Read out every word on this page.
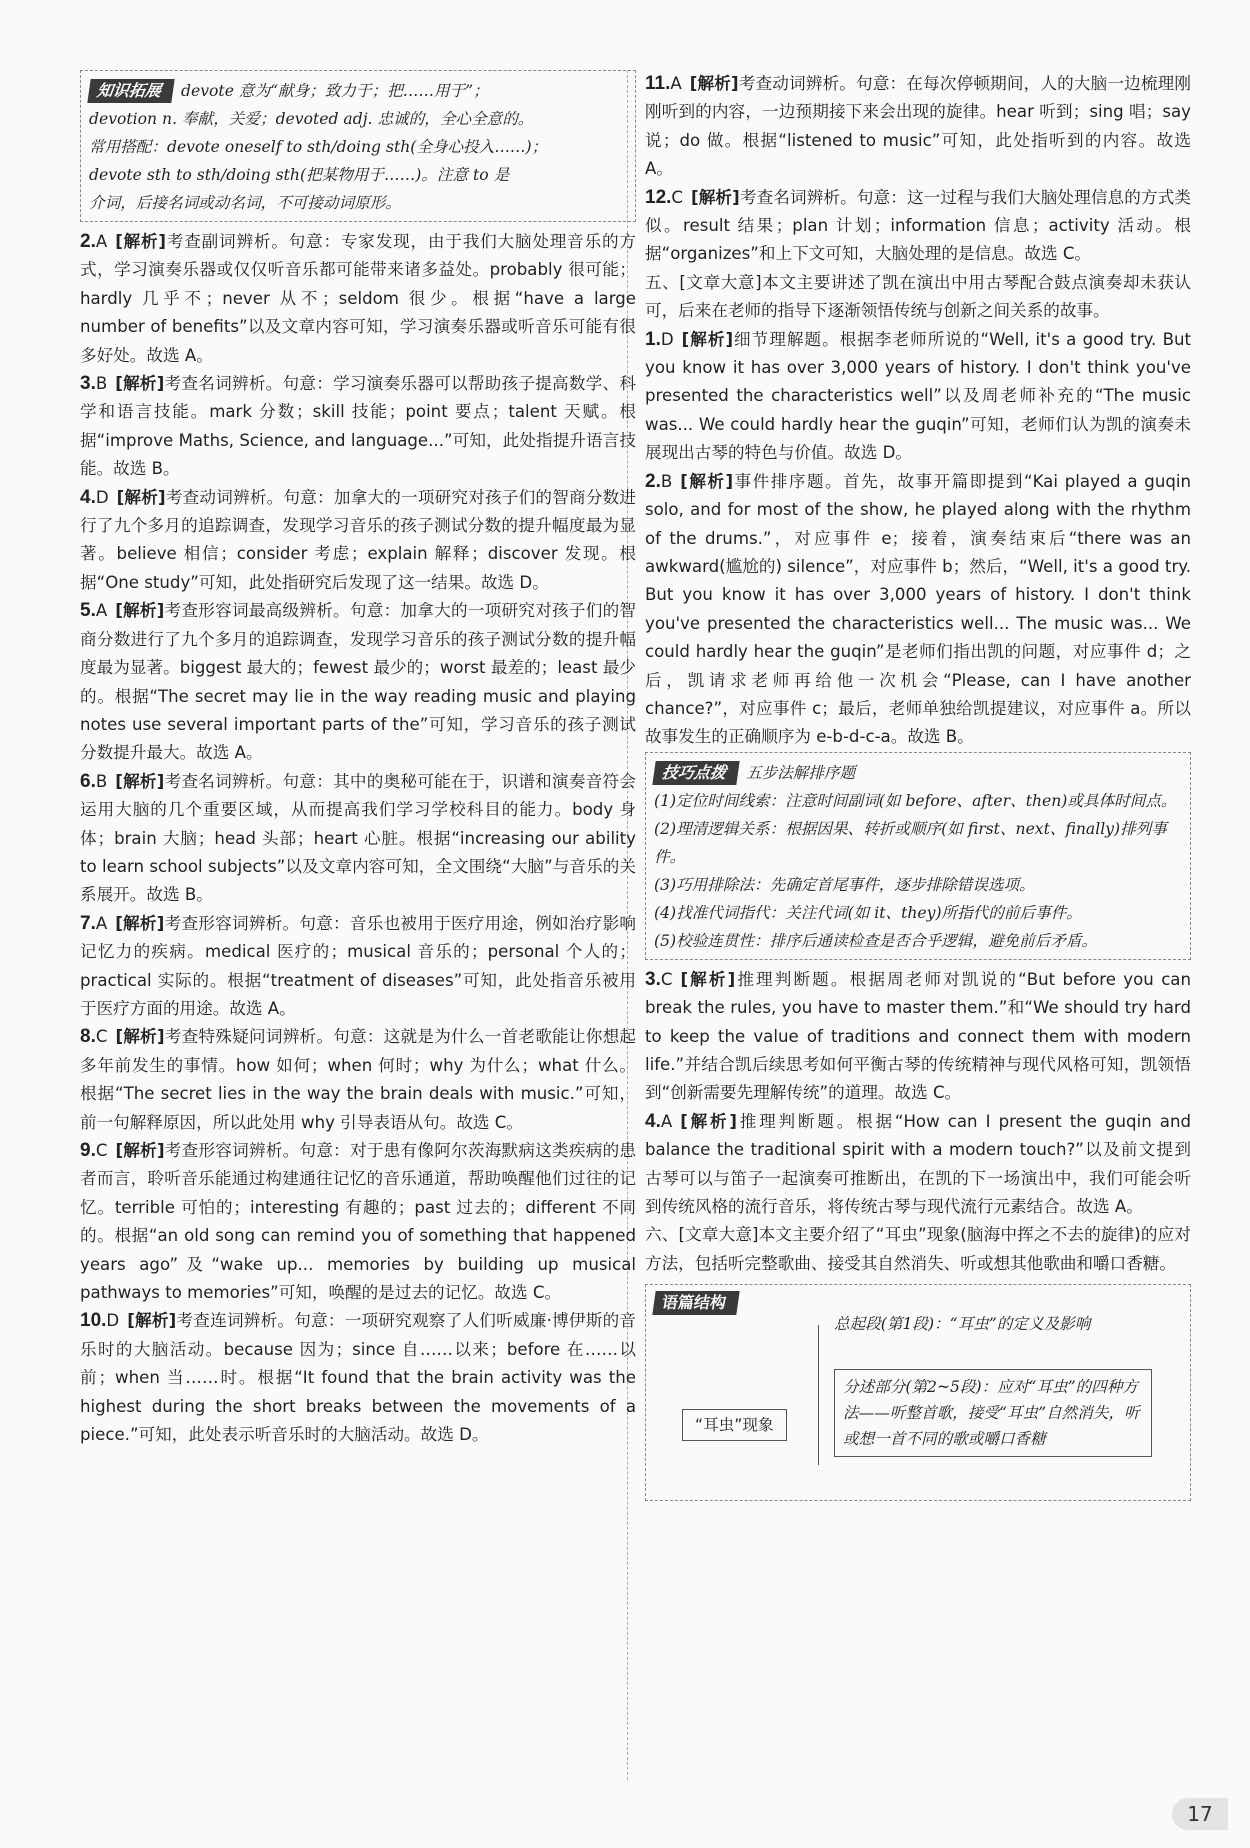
知识拓展 devote 意为“献身；致力于；把……用于”；

devotion n. 奉献，关爱；devoted adj. 忠诚的，全心全意的。

常用搭配：devote oneself to sth/doing sth(全身心投入……)；

devote sth to sth/doing sth(把某物用于……)。注意 to 是

介词，后接名词或动名词，不可接动词原形。

2.A [解析]考查副词辨析。句意：专家发现，由于我们大脑处理音乐的方式，学习演奏乐器或仅仅听音乐都可能带来诸多益处。probably 很可能；hardly 几乎不；never 从不；seldom 很少。根据“have a large number of benefits”以及文章内容可知，学习演奏乐器或听音乐可能有很多好处。故选 A。

3.B [解析]考查名词辨析。句意：学习演奏乐器可以帮助孩子提高数学、科学和语言技能。mark 分数；skill 技能；point 要点；talent 天赋。根据“improve Maths, Science, and language...”可知，此处指提升语言技能。故选 B。

4.D [解析]考查动词辨析。句意：加拿大的一项研究对孩子们的智商分数进行了九个多月的追踪调查，发现学习音乐的孩子测试分数的提升幅度最为显著。believe 相信；consider 考虑；explain 解释；discover 发现。根据“One study”可知，此处指研究后发现了这一结果。故选 D。

5.A [解析]考查形容词最高级辨析。句意：加拿大的一项研究对孩子们的智商分数进行了九个多月的追踪调查，发现学习音乐的孩子测试分数的提升幅度最为显著。biggest 最大的；fewest 最少的；worst 最差的；least 最少的。根据“The secret may lie in the way reading music and playing notes use several important parts of the”可知，学习音乐的孩子测试分数提升最大。故选 A。

6.B [解析]考查名词辨析。句意：其中的奥秘可能在于，识谱和演奏音符会运用大脑的几个重要区域，从而提高我们学习学校科目的能力。body 身体；brain 大脑；head 头部；heart 心脏。根据“increasing our ability to learn school subjects”以及文章内容可知，全文围绕“大脑”与音乐的关系展开。故选 B。

7.A [解析]考查形容词辨析。句意：音乐也被用于医疗用途，例如治疗影响记忆力的疾病。medical 医疗的；musical 音乐的；personal 个人的；practical 实际的。根据“treatment of diseases”可知，此处指音乐被用于医疗方面的用途。故选 A。

8.C [解析]考查特殊疑问词辨析。句意：这就是为什么一首老歌能让你想起多年前发生的事情。how 如何；when 何时；why 为什么；what 什么。根据“The secret lies in the way the brain deals with music.”可知，前一句解释原因，所以此处用 why 引导表语从句。故选 C。

9.C [解析]考查形容词辨析。句意：对于患有像阿尔茨海默病这类疾病的患者而言，聆听音乐能通过构建通往记忆的音乐通道，帮助唤醒他们过往的记忆。terrible 可怕的；interesting 有趣的；past 过去的；different 不同的。根据“an old song can remind you of something that happened years ago”及“wake up... memories by building up musical pathways to memories”可知，唤醒的是过去的记忆。故选 C。

10.D [解析]考查连词辨析。句意：一项研究观察了人们听威廉·博伊斯的音乐时的大脑活动。because 因为；since 自……以来；before 在……以前；when 当……时。根据“It found that the brain activity was the highest during the short breaks between the movements of a piece.”可知，此处表示听音乐时的大脑活动。故选 D。

11.A [解析]考查动词辨析。句意：在每次停顿期间，人的大脑一边梳理刚刚听到的内容，一边预期接下来会出现的旋律。hear 听到；sing 唱；say 说；do 做。根据“listened to music”可知，此处指听到的内容。故选 A。

12.C [解析]考查名词辨析。句意：这一过程与我们大脑处理信息的方式类似。result 结果；plan 计划；information 信息；activity 活动。根据“organizes”和上下文可知，大脑处理的是信息。故选 C。

五、[文章大意]本文主要讲述了凯在演出中用古琴配合鼓点演奏却未获认可，后来在老师的指导下逐渐领悟传统与创新之间关系的故事。

1.D [解析]细节理解题。根据李老师所说的“Well, it's a good try. But you know it has over 3,000 years of history. I don't think you've presented the characteristics well”以及周老师补充的“The music was... We could hardly hear the guqin”可知，老师们认为凯的演奏未展现出古琴的特色与价值。故选 D。

2.B [解析]事件排序题。首先，故事开篇即提到“Kai played a guqin solo, and for most of the show, he played along with the rhythm of the drums.”，对应事件 e；接着，演奏结束后“there was an awkward(尴尬的) silence”，对应事件 b；然后，“Well, it's a good try. But you know it has over 3,000 years of history. I don't think you've presented the characteristics well... The music was... We could hardly hear the guqin”是老师们指出凯的问题，对应事件 d；之后，凯请求老师再给他一次机会“Please, can I have another chance?”，对应事件 c；最后，老师单独给凯提建议，对应事件 a。所以故事发生的正确顺序为 e-b-d-c-a。故选 B。

技巧点拨 五步法解排序题

(1)定位时间线索：注意时间副词(如 before、after、then)或具体时间点。

(2)理清逻辑关系：根据因果、转折或顺序(如 first、next、finally)排列事件。

(3)巧用排除法：先确定首尾事件，逐步排除错误选项。

(4)找准代词指代：关注代词(如 it、they)所指代的前后事件。

(5)校验连贯性：排序后通读检查是否合乎逻辑，避免前后矛盾。

3.C [解析]推理判断题。根据周老师对凯说的“But before you can break the rules, you have to master them.”和“We should try hard to keep the value of traditions and connect them with modern life.”并结合凯后续思考如何平衡古琴的传统精神与现代风格可知，凯领悟到“创新需要先理解传统”的道理。故选 C。

4.A [解析]推理判断题。根据“How can I present the guqin and balance the traditional spirit with a modern touch?”以及前文提到古琴可以与笛子一起演奏可推断出，在凯的下一场演出中，我们可能会听到传统风格的流行音乐，将传统古琴与现代流行元素结合。故选 A。

六、[文章大意]本文主要介绍了“耳虫”现象(脑海中挥之不去的旋律)的应对方法，包括听完整歌曲、接受其自然消失、听或想其他歌曲和嚼口香糖。

语篇结构
总起段(第1段)：“耳虫”的定义及影响
分述部分(第2~5段)：应对“耳虫”的四种方法——听整首歌，接受“耳虫”自然消失，听或想一首不同的歌或嚼口香糖
“耳虫”现象
17
